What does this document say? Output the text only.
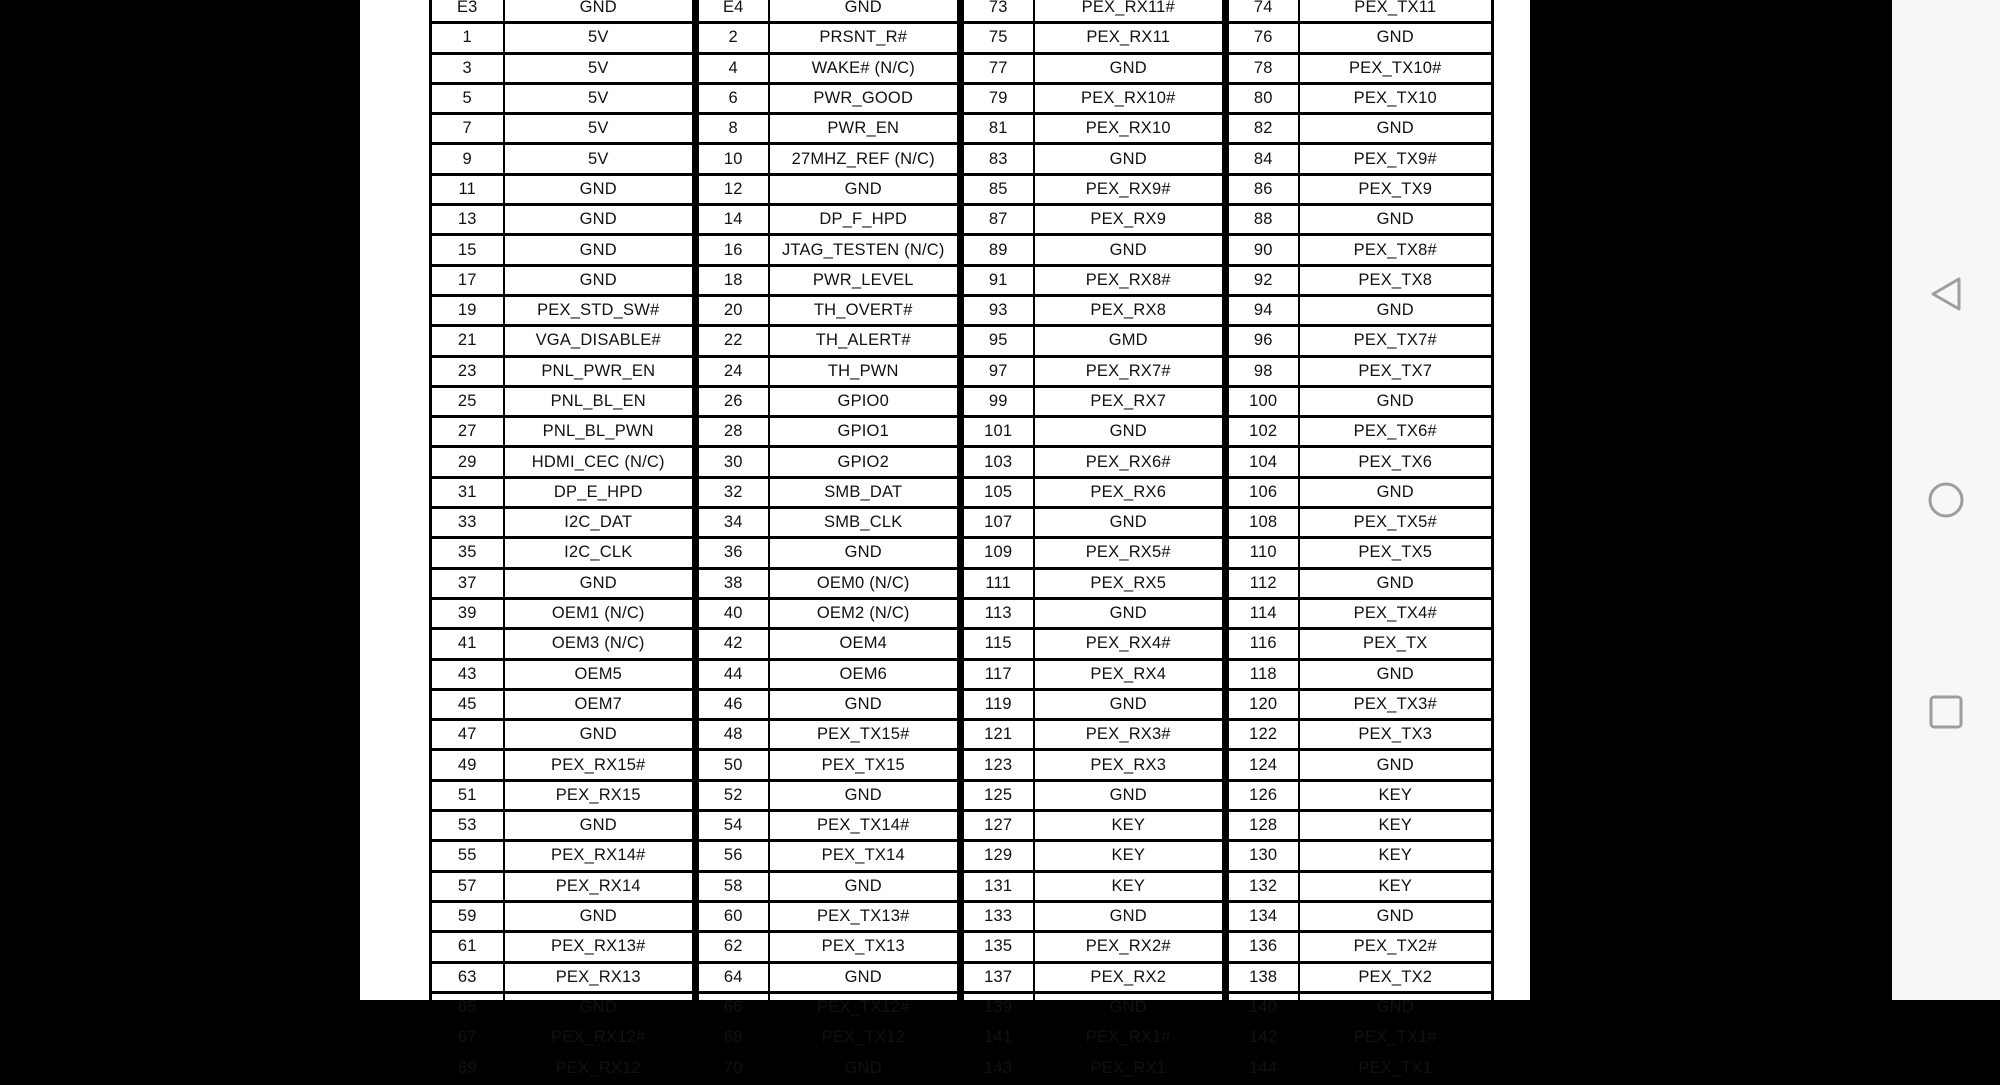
E3	GND	E4	GND	73	PEX_RX11#	74	PEX_TX11
1	5V	2	PRSNT_R#	75	PEX_RX11	76	GND
3	5V	4	WAKE# (N/C)	77	GND	78	PEX_TX10#
5	5V	6	PWR_GOOD	79	PEX_RX10#	80	PEX_TX10
7	5V	8	PWR_EN	81	PEX_RX10	82	GND
9	5V	10	27MHZ_REF (N/C)	83	GND	84	PEX_TX9#
11	GND	12	GND	85	PEX_RX9#	86	PEX_TX9
13	GND	14	DP_F_HPD	87	PEX_RX9	88	GND
15	GND	16	JTAG_TESTEN (N/C)	89	GND	90	PEX_TX8#
17	GND	18	PWR_LEVEL	91	PEX_RX8#	92	PEX_TX8
19	PEX_STD_SW#	20	TH_OVERT#	93	PEX_RX8	94	GND
21	VGA_DISABLE#	22	TH_ALERT#	95	GMD	96	PEX_TX7#
23	PNL_PWR_EN	24	TH_PWN	97	PEX_RX7#	98	PEX_TX7
25	PNL_BL_EN	26	GPIO0	99	PEX_RX7	100	GND
27	PNL_BL_PWN	28	GPIO1	101	GND	102	PEX_TX6#
29	HDMI_CEC (N/C)	30	GPIO2	103	PEX_RX6#	104	PEX_TX6
31	DP_E_HPD	32	SMB_DAT	105	PEX_RX6	106	GND
33	I2C_DAT	34	SMB_CLK	107	GND	108	PEX_TX5#
35	I2C_CLK	36	GND	109	PEX_RX5#	110	PEX_TX5
37	GND	38	OEM0 (N/C)	111	PEX_RX5	112	GND
39	OEM1 (N/C)	40	OEM2 (N/C)	113	GND	114	PEX_TX4#
41	OEM3 (N/C)	42	OEM4	115	PEX_RX4#	116	PEX_TX
43	OEM5	44	OEM6	117	PEX_RX4	118	GND
45	OEM7	46	GND	119	GND	120	PEX_TX3#
47	GND	48	PEX_TX15#	121	PEX_RX3#	122	PEX_TX3
49	PEX_RX15#	50	PEX_TX15	123	PEX_RX3	124	GND
51	PEX_RX15	52	GND	125	GND	126	KEY
53	GND	54	PEX_TX14#	127	KEY	128	KEY
55	PEX_RX14#	56	PEX_TX14	129	KEY	130	KEY
57	PEX_RX14	58	GND	131	KEY	132	KEY
59	GND	60	PEX_TX13#	133	GND	134	GND
61	PEX_RX13#	62	PEX_TX13	135	PEX_RX2#	136	PEX_TX2#
63	PEX_RX13	64	GND	137	PEX_RX2	138	PEX_TX2
65	GND	66	PEX_TX12#	139	GND	140	GND
67	PEX_RX12#	68	PEX_TX12	141	PEX_RX1#	142	PEX_TX1#
69	PEX_RX12	70	GND	143	PEX_RX1	144	PEX_TX1
